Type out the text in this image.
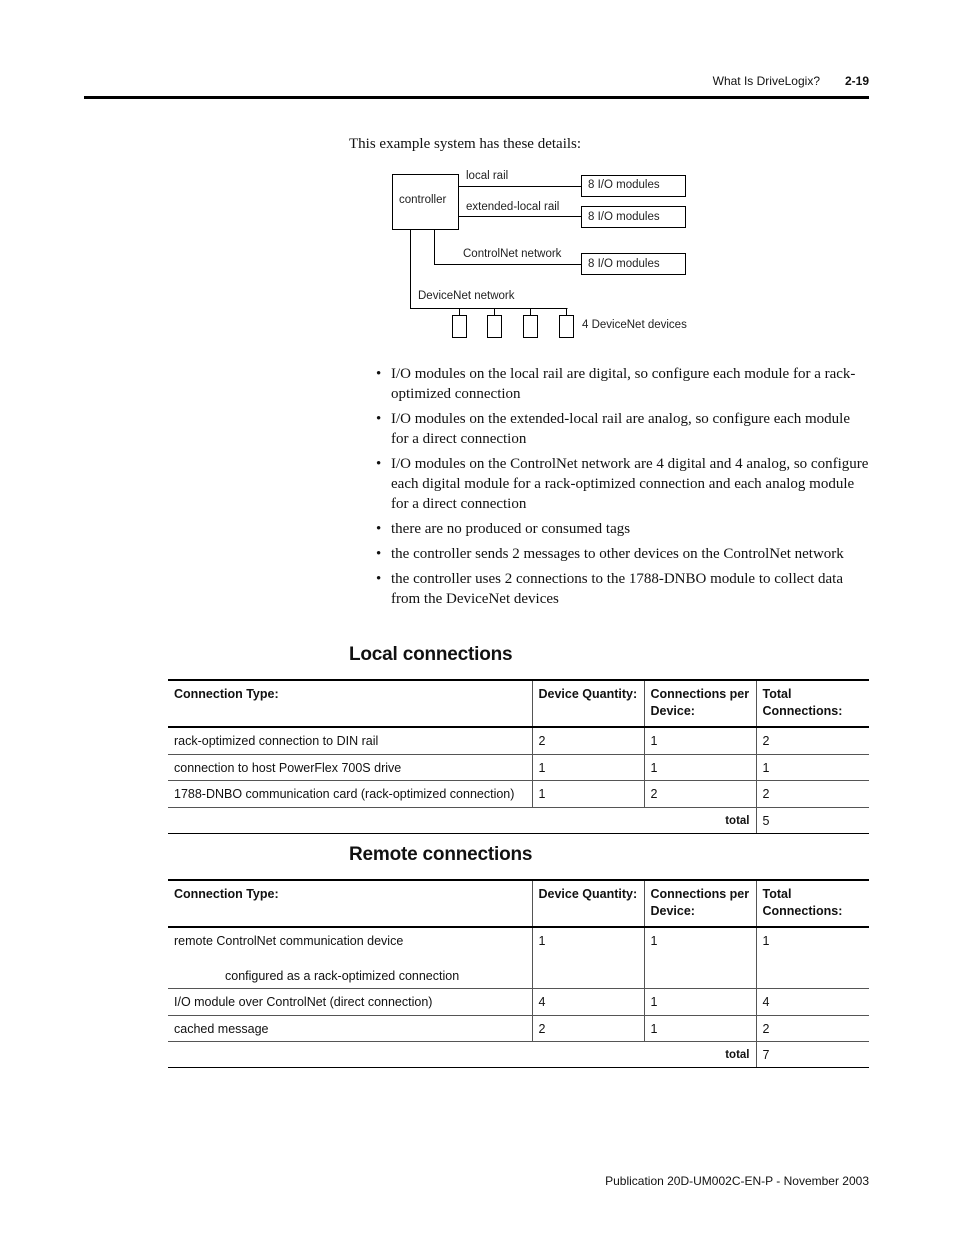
What Is DriveLogix? 2-19
This example system has these details:
controller
local rail
extended-local rail
ControlNet network
DeviceNet network
8 I/O modules
8 I/O modules
8 I/O modules
4 DeviceNet devices
• I/O modules on the local rail are digital, so configure each module for a rack-optimized connection
• I/O modules on the extended-local rail are analog, so configure each module for a direct connection
• I/O modules on the ControlNet network are 4 digital and 4 analog, so configure each digital module for a rack-optimized connection and each analog module for a direct connection
• there are no produced or consumed tags
• the controller sends 2 messages to other devices on the ControlNet network
• the controller uses 2 connections to the 1788-DNBO module to collect data from the DeviceNet devices
Local connections
Connection Type:	Device Quantity:	Connections per Device:	Total Connections:
rack-optimized connection to DIN rail	2	1	2
connection to host PowerFlex 700S drive	1	1	1
1788-DNBO communication card (rack-optimized connection)	1	2	2
total			5
Remote connections
Connection Type:	Device Quantity:	Connections per Device:	Total Connections:
remote ControlNet communication device
configured as a rack-optimized connection	1	1	1
I/O module over ControlNet (direct connection)	4	1	4
cached message	2	1	2
total			7
Publication 20D-UM002C-EN-P - November 2003
